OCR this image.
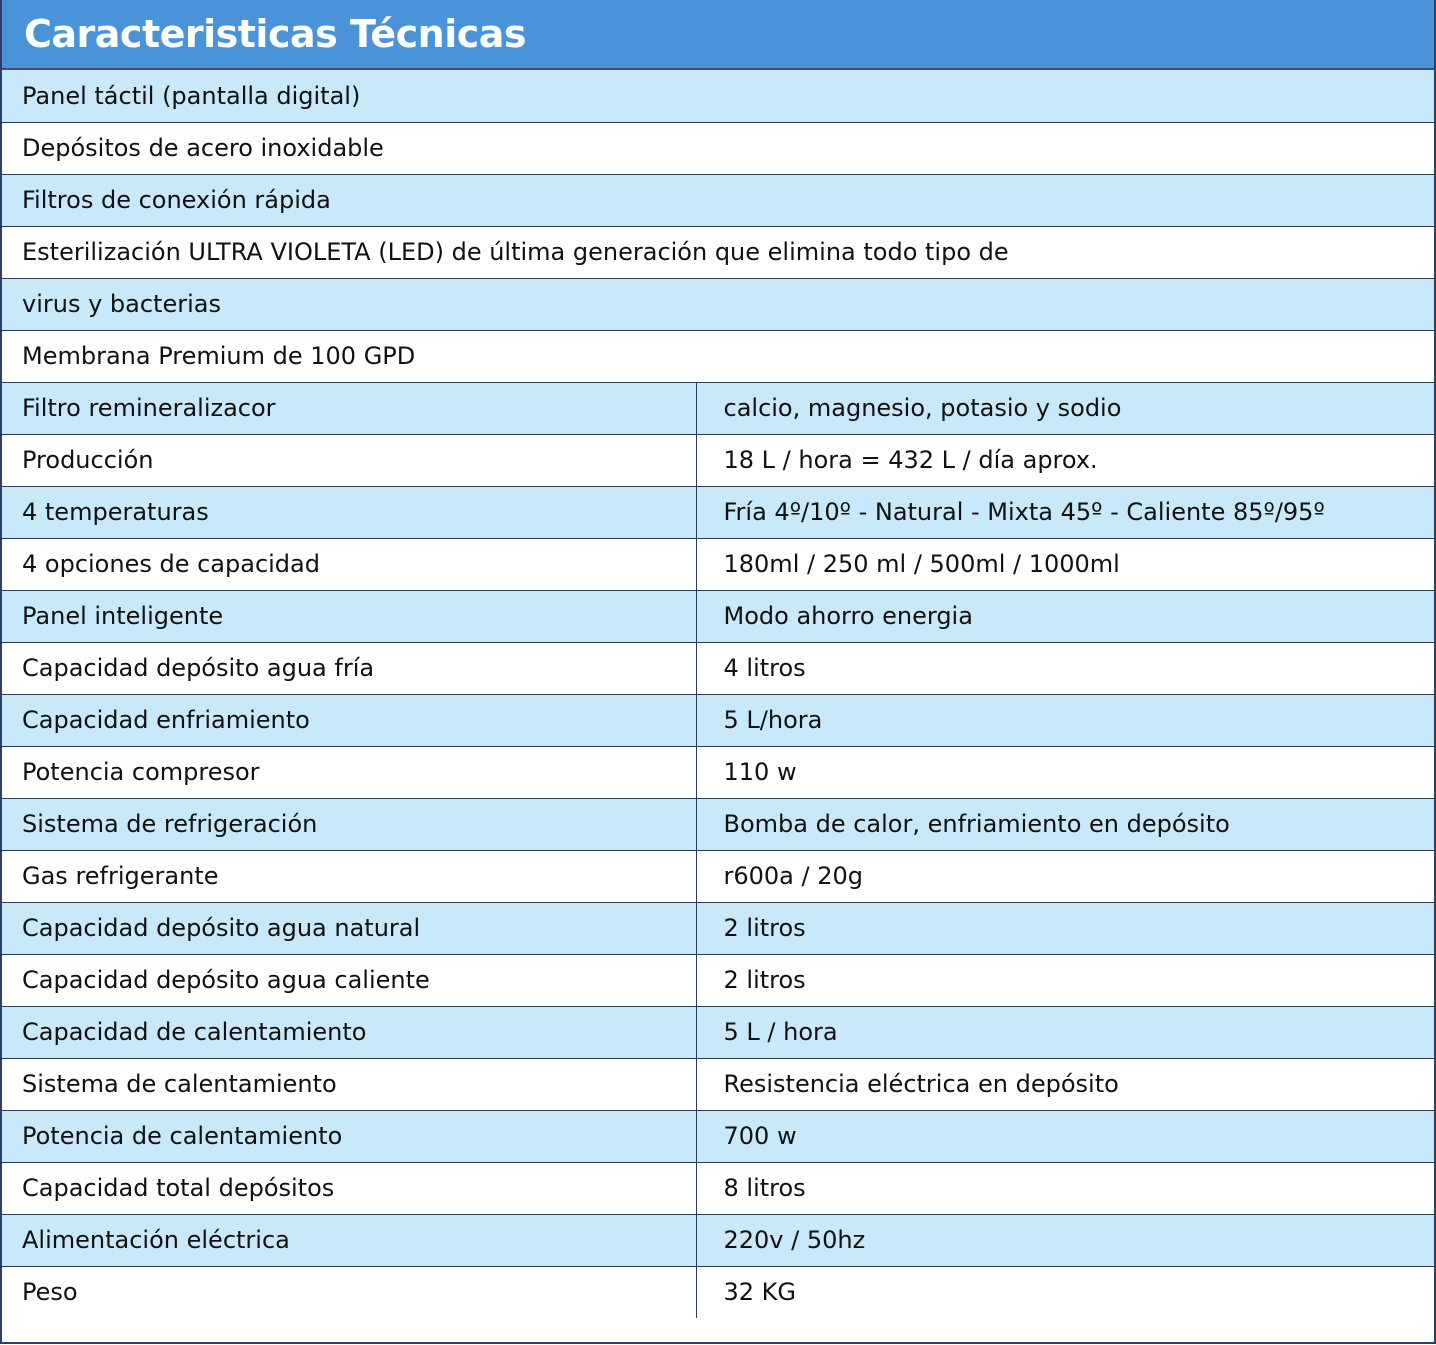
Caracteristicas Técnicas
Panel táctil (pantalla digital)	
Depósitos de acero inoxidable	
Filtros de conexión rápida	
Esterilización ULTRA VIOLETA (LED) de última generación que elimina todo tipo de	
virus y bacterias	
Membrana Premium de 100 GPD	
Filtro remineralizacor	calcio, magnesio, potasio y sodio
Producción	18 L / hora = 432 L / día aprox.
4 temperaturas	Fría 4º/10º - Natural - Mixta 45º - Caliente 85º/95º
4 opciones de capacidad	180ml / 250 ml / 500ml / 1000ml
Panel inteligente	Modo ahorro energia
Capacidad depósito agua fría	4 litros
Capacidad enfriamiento	5 L/hora
Potencia compresor	110 w
Sistema de refrigeración	Bomba de calor, enfriamiento en depósito
Gas refrigerante	r600a / 20g
Capacidad depósito agua natural	2 litros
Capacidad depósito agua caliente	2 litros
Capacidad de calentamiento	5 L / hora
Sistema de calentamiento	Resistencia eléctrica en depósito
Potencia de calentamiento	700 w
Capacidad total depósitos	8 litros
Alimentación eléctrica	220v / 50hz
Peso	32 KG
